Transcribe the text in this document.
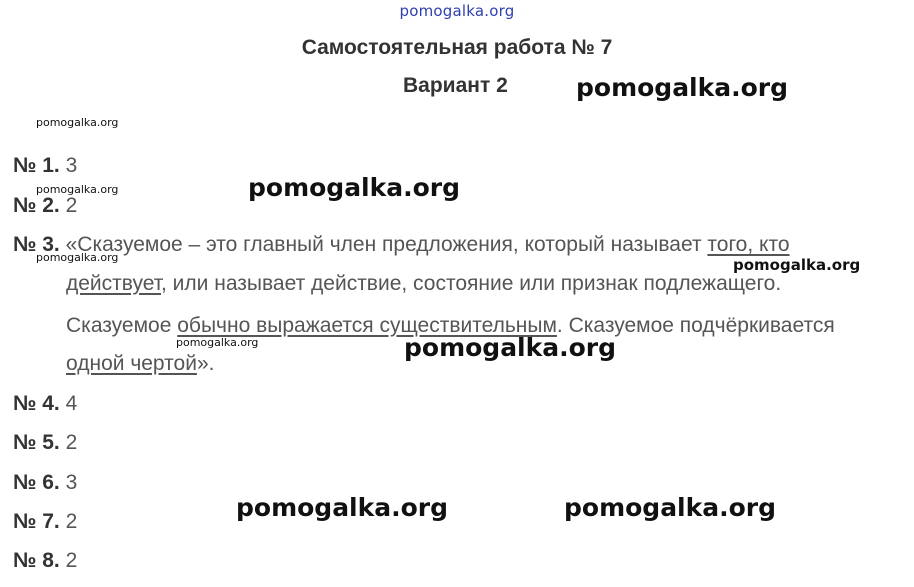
pomogalka.org
pomogalka.org
pomogalka.org
pomogalka.org	pomogalka.org
pomogalka.org	pomogalka.org
pomogalka.org	pomogalka.org
pomogalka.org	pomogalka.org
Самостоятельная работа № 7
Вариант 2
№ 1. 3
№ 2. 2
№ 3. «Сказуемое – это главный член предложения, который называет того, кто
действует, или называет действие, состояние или признак подлежащего.
Сказуемое обычно выражается существительным. Сказуемое подчёркивается
одной чертой».
№ 4. 4
№ 5. 2
№ 6. 3
№ 7. 2
№ 8. 2
